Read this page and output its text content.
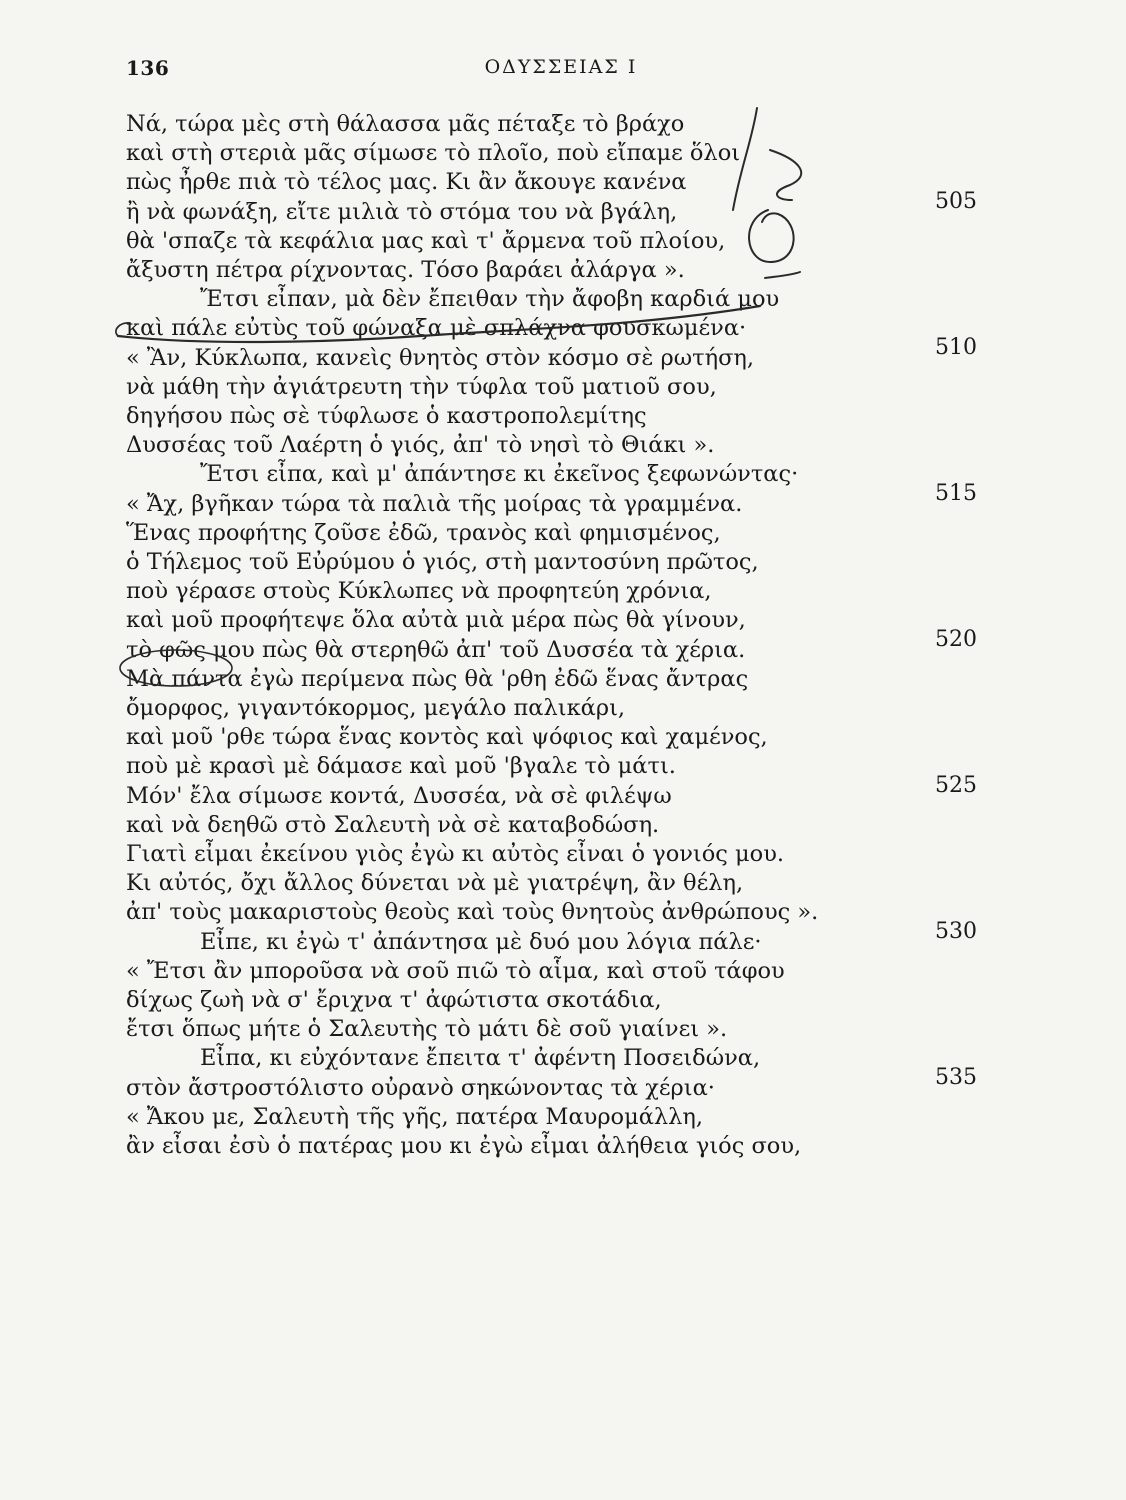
136	ΟΔΥΣΣΕΙΑΣ Ι
Νά, τώρα μὲς στὴ θάλασσα μᾶς πέταξε τὸ βράχο
καὶ στὴ στεριὰ μᾶς σίμωσε τὸ πλοῖο, ποὺ εἴπαμε ὅλοι
πὼς ἦρθε πιὰ τὸ τέλος μας. Κι ἂν ἄκουγε κανένα
ἢ νὰ φωνάξη, εἴτε μιλιὰ τὸ στόμα του νὰ βγάλη,
θὰ 'σπαζε τὰ κεφάλια μας καὶ τ' ἄρμενα τοῦ πλοίου,
ἄξυστη πέτρα ρίχνοντας. Τόσο βαράει ἀλάργα ».
Ἔτσι εἶπαν, μὰ δὲν ἔπειθαν τὴν ἄφοβη καρδιά μου
καὶ πάλε εὐτὺς τοῦ φώναξα μὲ σπλάχνα φουσκωμένα·
« Ἂν, Κύκλωπα, κανεὶς θνητὸς στὸν κόσμο σὲ ρωτήση,
νὰ μάθη τὴν ἀγιάτρευτη τὴν τύφλα τοῦ ματιοῦ σου,
δηγήσου πὼς σὲ τύφλωσε ὁ καστροπολεμίτης
Δυσσέας τοῦ Λαέρτη ὁ γιός, ἀπ' τὸ νησὶ τὸ Θιάκι ».
Ἔτσι εἶπα, καὶ μ' ἀπάντησε κι ἐκεῖνος ξεφωνώντας·
« Ἄχ, βγῆκαν τώρα τὰ παλιὰ τῆς μοίρας τὰ γραμμένα.
Ἕνας προφήτης ζοῦσε ἐδῶ, τρανὸς καὶ φημισμένος,
ὁ Τήλεμος τοῦ Εὐρύμου ὁ γιός, στὴ μαντοσύνη πρῶτος,
ποὺ γέρασε στοὺς Κύκλωπες νὰ προφητεύη χρόνια,
καὶ μοῦ προφήτεψε ὅλα αὐτὰ μιὰ μέρα πὼς θὰ γίνουν,
τὸ φῶς μου πὼς θὰ στερηθῶ ἀπ' τοῦ Δυσσέα τὰ χέρια.
Μὰ πάντα ἐγὼ περίμενα πὼς θὰ 'ρθη ἐδῶ ἕνας ἄντρας
ὄμορφος, γιγαντόκορμος, μεγάλο παλικάρι,
καὶ μοῦ 'ρθε τώρα ἕνας κοντὸς καὶ ψόφιος καὶ χαμένος,
ποὺ μὲ κρασὶ μὲ δάμασε καὶ μοῦ 'βγαλε τὸ μάτι.
Μόν' ἔλα σίμωσε κοντά, Δυσσέα, νὰ σὲ φιλέψω
καὶ νὰ δεηθῶ στὸ Σαλευτὴ νὰ σὲ καταβοδώση.
Γιατὶ εἶμαι ἐκείνου γιὸς ἐγὼ κι αὐτὸς εἶναι ὁ γονιός μου.
Κι αὐτός, ὄχι ἄλλος δύνεται νὰ μὲ γιατρέψη, ἂν θέλη,
ἀπ' τοὺς μακαριστοὺς θεοὺς καὶ τοὺς θνητοὺς ἀνθρώπους ».
Εἶπε, κι ἐγὼ τ' ἀπάντησα μὲ δυό μου λόγια πάλε·
« Ἔτσι ἂν μποροῦσα νὰ σοῦ πιῶ τὸ αἷμα, καὶ στοῦ τάφου
δίχως ζωὴ νὰ σ' ἔριχνα τ' ἀφώτιστα σκοτάδια,
ἔτσι ὅπως μήτε ὁ Σαλευτὴς τὸ μάτι δὲ σοῦ γιαίνει ».
Εἶπα, κι εὐχόντανε ἔπειτα τ' ἀφέντη Ποσειδώνα,
στὸν ἄστροστόλιστο οὐρανὸ σηκώνοντας τὰ χέρια·
« Ἄκου με, Σαλευτὴ τῆς γῆς, πατέρα Μαυρομάλλη,
ἂν εἶσαι ἐσὺ ὁ πατέρας μου κι ἐγὼ εἶμαι ἀλήθεια γιός σου,
505
510
515
520
525
530
535
